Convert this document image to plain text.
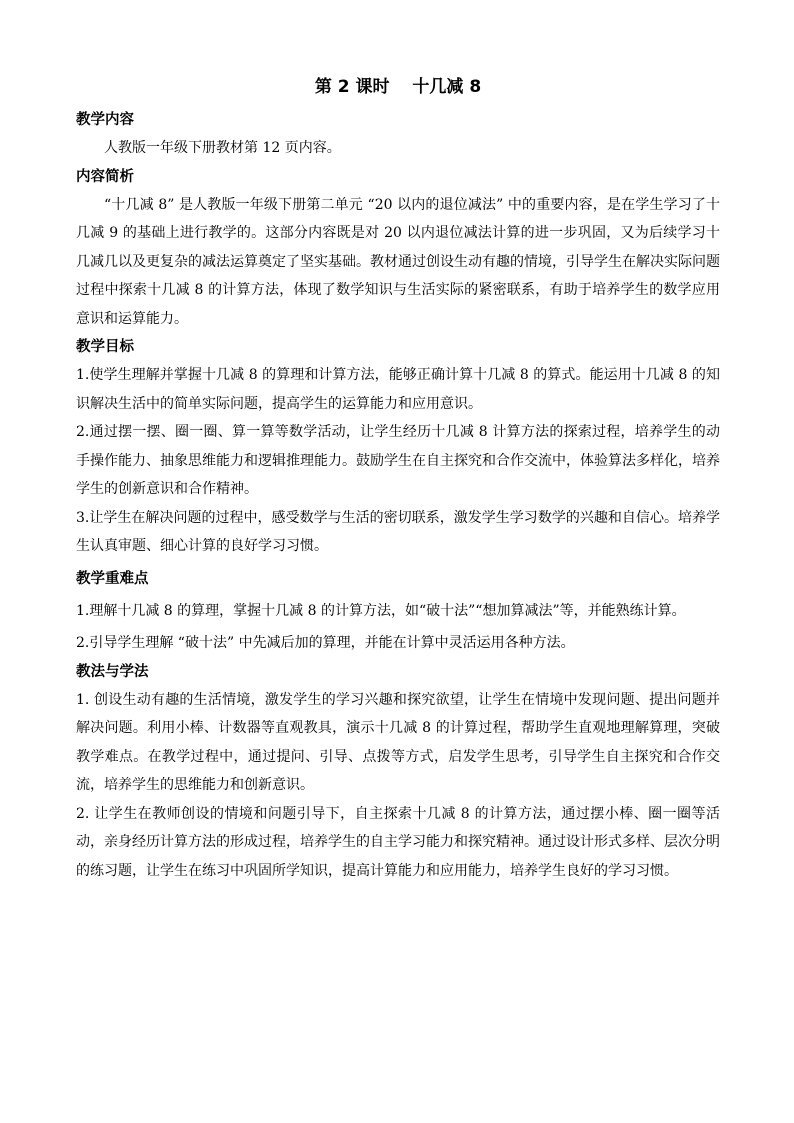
第 2 课时　 十几减 8

教学内容

人教版一年级下册教材第 12 页内容。

内容简析

“十几减 8” 是人教版一年级下册第二单元 “20 以内的退位减法” 中的重要内容，是在学生学习了十几减 9 的基础上进行教学的。这部分内容既是对 20 以内退位减法计算的进一步巩固，又为后续学习十几减几以及更复杂的减法运算奠定了坚实基础。教材通过创设生动有趣的情境，引导学生在解决实际问题过程中探索十几减 8 的计算方法，体现了数学知识与生活实际的紧密联系，有助于培养学生的数学应用意识和运算能力。

教学目标

1.使学生理解并掌握十几减 8 的算理和计算方法，能够正确计算十几减 8 的算式。能运用十几减 8 的知识解决生活中的简单实际问题，提高学生的运算能力和应用意识。

2.通过摆一摆、圈一圈、算一算等数学活动，让学生经历十几减 8 计算方法的探索过程，培养学生的动手操作能力、抽象思维能力和逻辑推理能力。鼓励学生在自主探究和合作交流中，体验算法多样化，培养学生的创新意识和合作精神。

3.让学生在解决问题的过程中，感受数学与生活的密切联系，激发学生学习数学的兴趣和自信心。培养学生认真审题、细心计算的良好学习习惯。

教学重难点

1.理解十几减 8 的算理，掌握十几减 8 的计算方法，如“破十法”“想加算减法”等，并能熟练计算。

2.引导学生理解 “破十法” 中先减后加的算理，并能在计算中灵活运用各种方法。

教法与学法

1. 创设生动有趣的生活情境，激发学生的学习兴趣和探究欲望，让学生在情境中发现问题、提出问题并解决问题。利用小棒、计数器等直观教具，演示十几减 8 的计算过程，帮助学生直观地理解算理，突破教学难点。在教学过程中，通过提问、引导、点拨等方式，启发学生思考，引导学生自主探究和合作交流，培养学生的思维能力和创新意识。

2. 让学生在教师创设的情境和问题引导下，自主探索十几减 8 的计算方法，通过摆小棒、圈一圈等活动，亲身经历计算方法的形成过程，培养学生的自主学习能力和探究精神。通过设计形式多样、层次分明的练习题，让学生在练习中巩固所学知识，提高计算能力和应用能力，培养学生良好的学习习惯。
